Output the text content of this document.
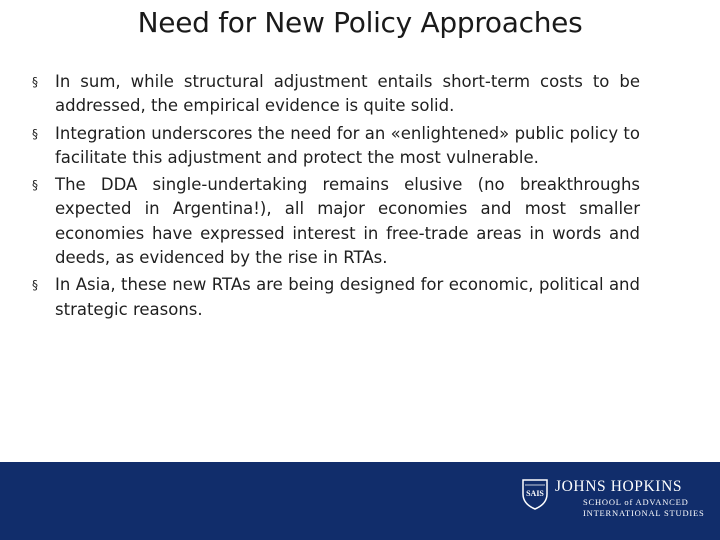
Need for New Policy Approaches
§ In sum, while structural adjustment entails short-term costs to be addressed, the empirical evidence is quite solid.
§ Integration underscores the need for an «enlightened» public policy to facilitate this adjustment and protect the most vulnerable.
§ The DDA single-undertaking remains elusive (no breakthroughs expected in Argentina!), all major economies and most smaller economies have expressed interest in free-trade areas in words and deeds, as evidenced by the rise in RTAs.
§ In Asia, these new RTAs are being designed for economic, political and strategic reasons.
SAIS JOHNS HOPKINS
SCHOOL of ADVANCED
INTERNATIONAL STUDIES
